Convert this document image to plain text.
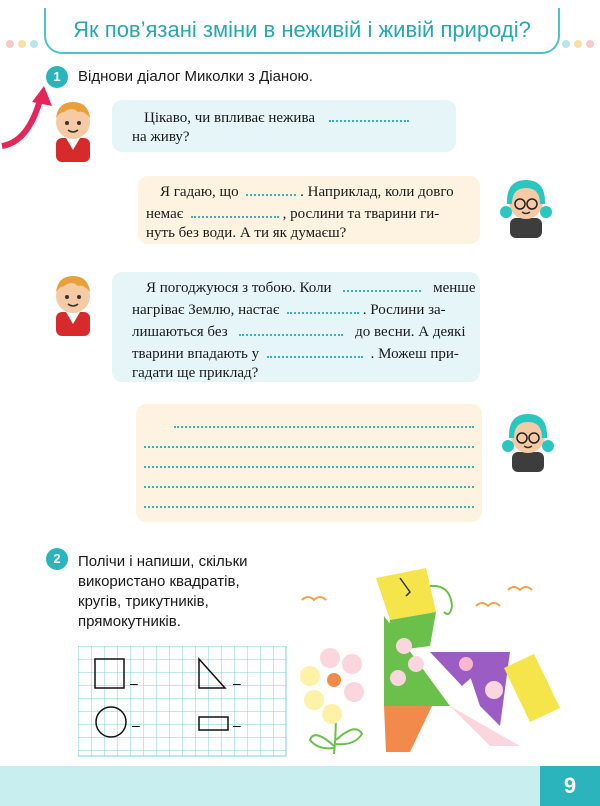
Як пов’язані зміни в неживій і живій природі?
1	Віднови діалог Миколки з Діаною.
Цікаво, чи впливає нежива
на живу?
Я гадаю, що	. Наприклад, коли довго
немає	, рослини та тварини ги-
нуть без води. А ти як думаєш?
Я погоджуюся з тобою. Коли	менше
нагріває Землю, настає	. Рослини за-
лишаються без	до весни. А деякі
тварини впадають у	. Можеш при-
гадати ще приклад?
2	Полічи і напиши, скільки
використано квадратів,
кругів, трикутників,
прямокутників.
–	–
–	–
9
